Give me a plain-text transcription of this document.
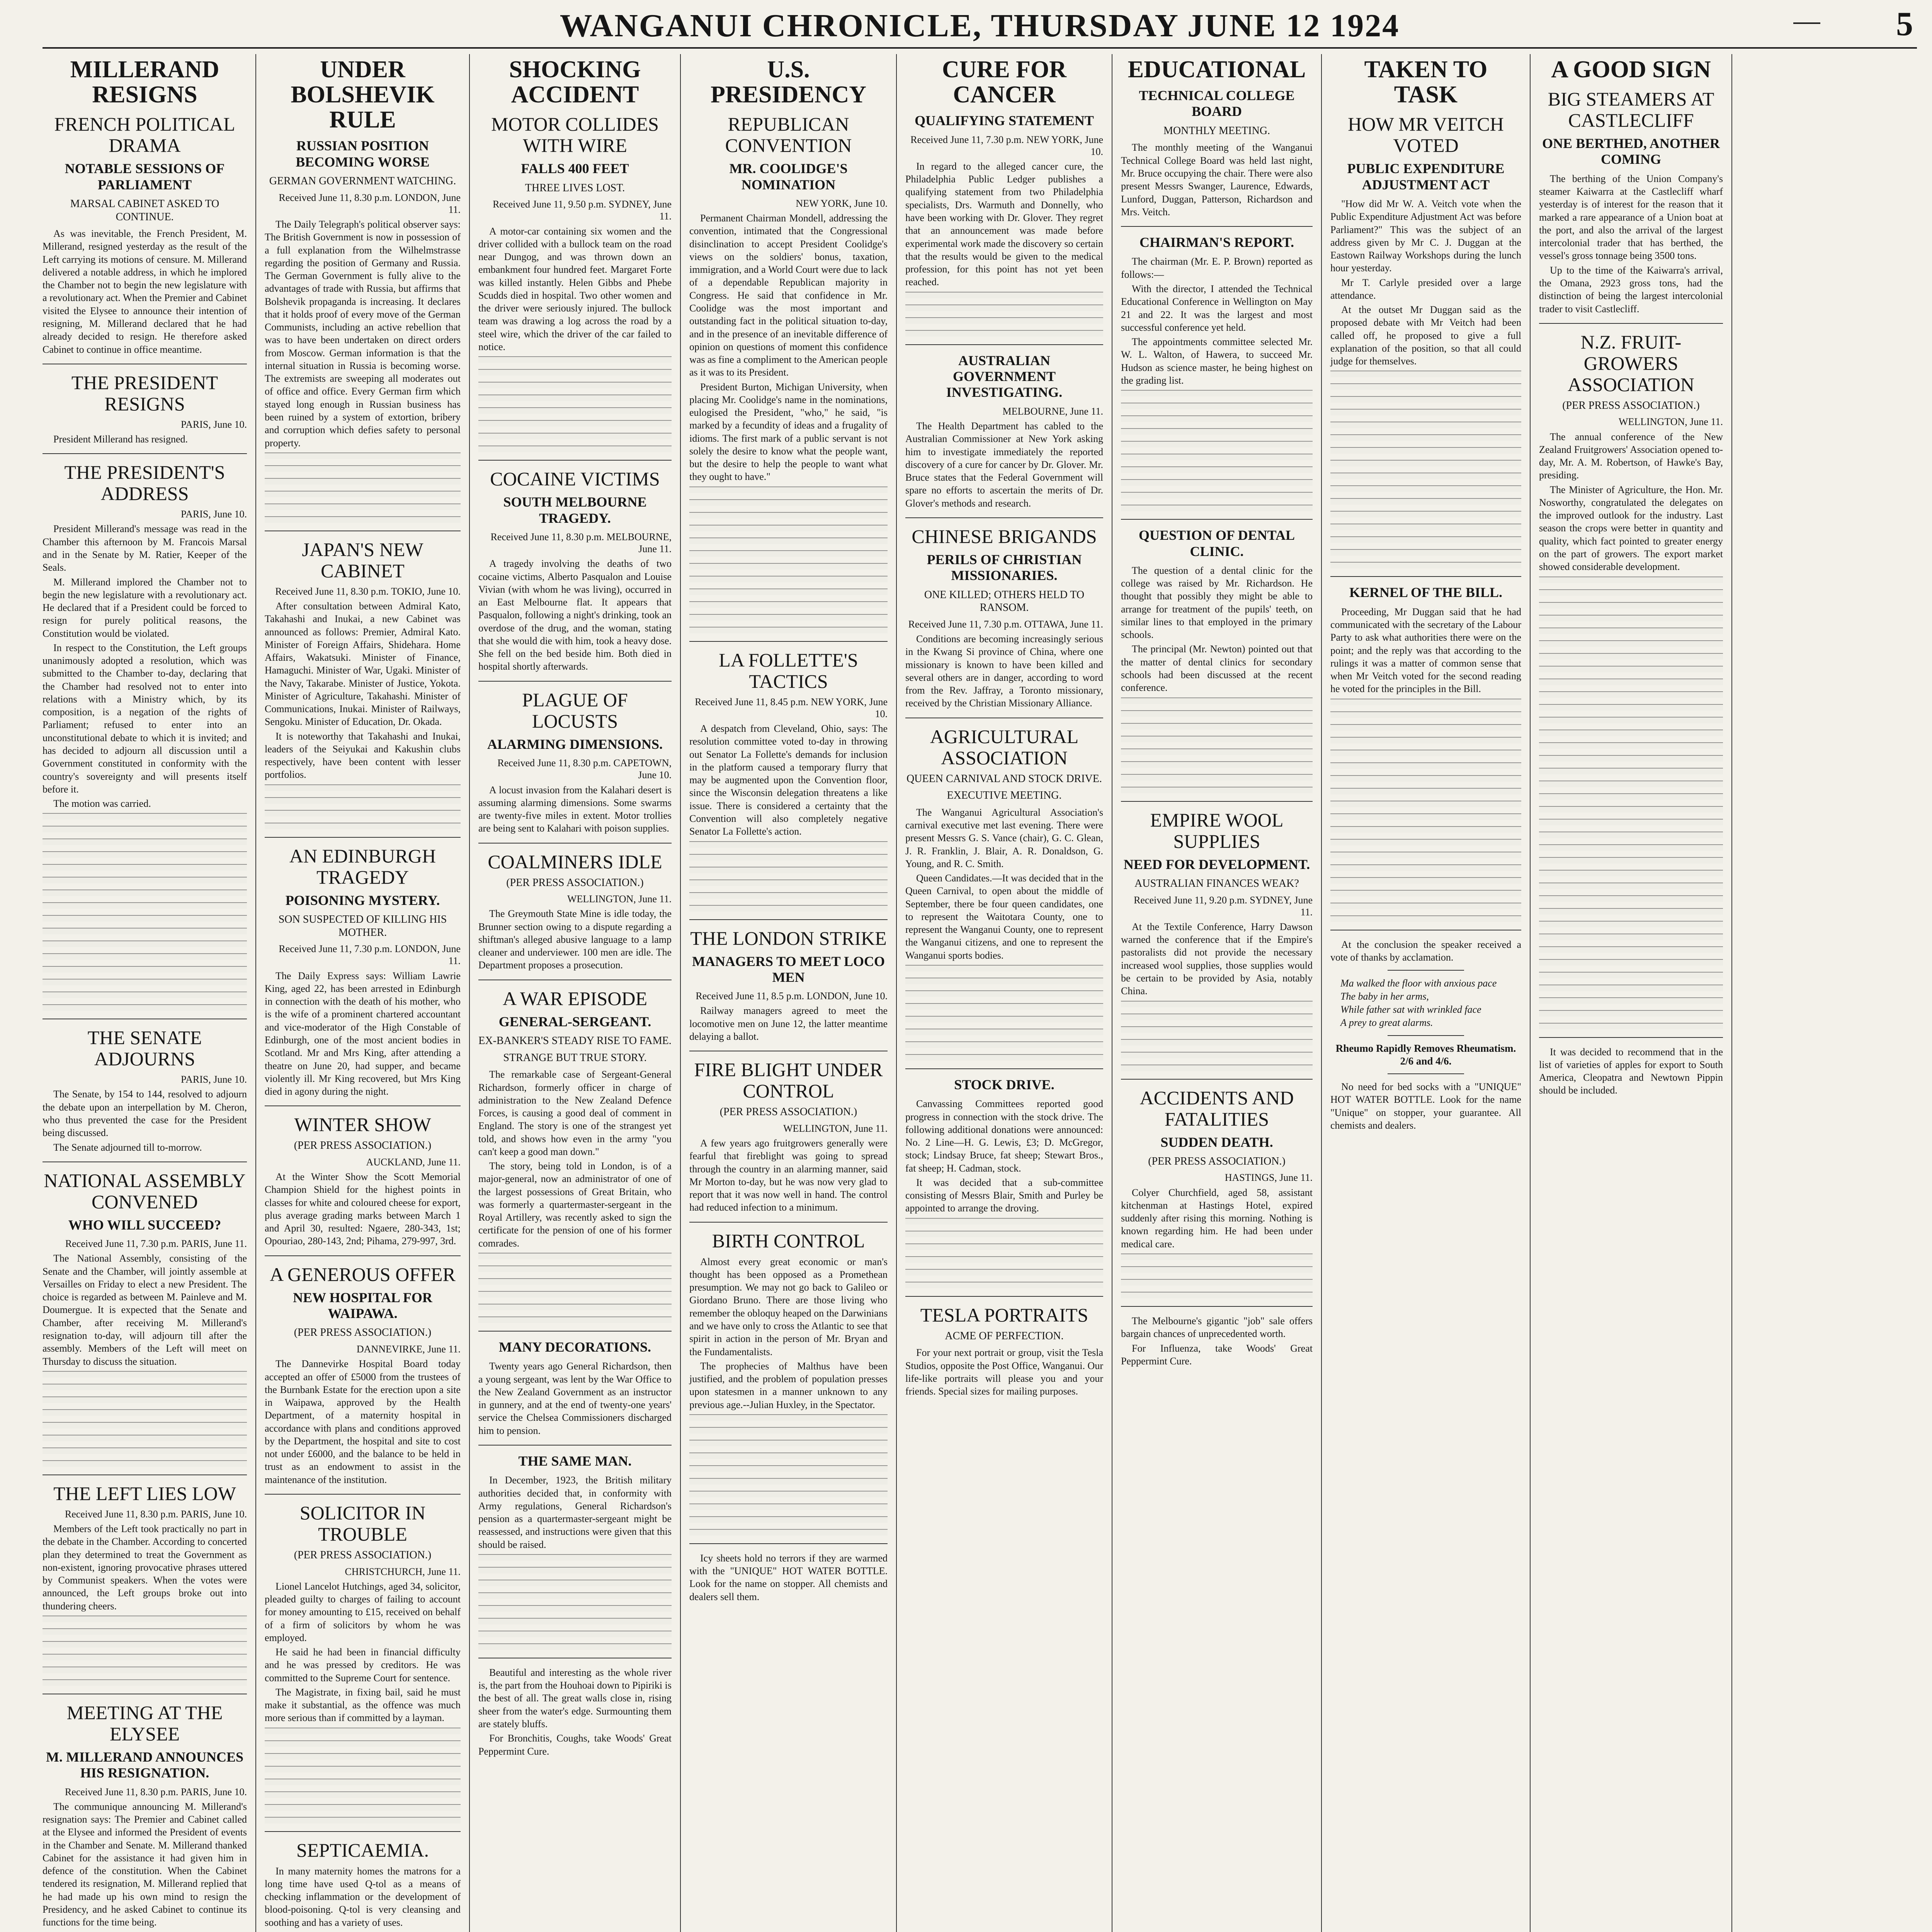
WANGANUI CHRONICLE, THURSDAY JUNE 12 1924	5
MILLERAND RESIGNS
FRENCH POLITICAL DRAMA
NOTABLE SESSIONS OF PARLIAMENT
MARSAL CABINET ASKED TO CONTINUE.

As was inevitable, the French President, M. Millerand, resigned yesterday as the result of the Left carrying its motions of censure. M. Millerand delivered a notable address, in which he implored the Chamber not to begin the new legislature with a revolutionary act. When the Premier and Cabinet visited the Elysee to announce their intention of resigning, M. Millerand declared that he had already decided to resign. He therefore asked Cabinet to continue in office meantime.

THE PRESIDENT RESIGNS
PARIS, June 10.

President Millerand has resigned.

THE PRESIDENT'S ADDRESS
PARIS, June 10.

President Millerand's message was read in the Chamber this afternoon by M. Francois Marsal and in the Senate by M. Ratier, Keeper of the Seals.

M. Millerand implored the Chamber not to begin the new legislature with a revolutionary act. He declared that if a President could be forced to resign for purely political reasons, the Constitution would be violated.

In respect to the Constitution, the Left groups unanimously adopted a resolution, which was submitted to the Chamber to-day, declaring that the Chamber had resolved not to enter into relations with a Ministry which, by its composition, is a negation of the rights of Parliament; refused to enter into an unconstitutional debate to which it is invited; and has decided to adjourn all discussion until a Government constituted in conformity with the country's sovereignty and will presents itself before it.

The motion was carried.

THE SENATE ADJOURNS
PARIS, June 10.

The Senate, by 154 to 144, resolved to adjourn the debate upon an interpellation by M. Cheron, who thus prevented the case for the President being discussed.

The Senate adjourned till to-morrow.

NATIONAL ASSEMBLY CONVENED
WHO WILL SUCCEED?
Received June 11, 7.30 p.m. PARIS, June 11.

The National Assembly, consisting of the Senate and the Chamber, will jointly assemble at Versailles on Friday to elect a new President. The choice is regarded as between M. Painleve and M. Doumergue. It is expected that the Senate and Chamber, after receiving M. Millerand's resignation to-day, will adjourn till after the assembly. Members of the Left will meet on Thursday to discuss the situation.

THE LEFT LIES LOW
Received June 11, 8.30 p.m. PARIS, June 10.

Members of the Left took practically no part in the debate in the Chamber. According to concerted plan they determined to treat the Government as non-existent, ignoring provocative phrases uttered by Communist speakers. When the votes were announced, the Left groups broke out into thundering cheers.

MEETING AT THE ELYSEE
M. MILLERAND ANNOUNCES HIS RESIGNATION.
Received June 11, 8.30 p.m. PARIS, June 10.

The communique announcing M. Millerand's resignation says: The Premier and Cabinet called at the Elysee and informed the President of events in the Chamber and Senate. M. Millerand thanked Cabinet for the assistance it had given him in defence of the constitution. When the Cabinet tendered its resignation, M. Millerand replied that he had made up his own mind to resign the Presidency, and he asked Cabinet to continue its functions for the time being.

UNDER BOLSHEVIK RULE
RUSSIAN POSITION BECOMING WORSE
GERMAN GOVERNMENT WATCHING.
Received June 11, 8.30 p.m. LONDON, June 11.

The Daily Telegraph's political observer says: The British Government is now in possession of a full explanation from the Wilhelmstrasse regarding the position of Germany and Russia. The German Government is fully alive to the advantages of trade with Russia, but affirms that Bolshevik propaganda is increasing. It declares that it holds proof of every move of the German Communists, including an active rebellion that was to have been undertaken on direct orders from Moscow. German information is that the internal situation in Russia is becoming worse. The extremists are sweeping all moderates out of office and office. Every German firm which stayed long enough in Russian business has been ruined by a system of extortion, bribery and corruption which defies safety to personal property.

JAPAN'S NEW CABINET
Received June 11, 8.30 p.m. TOKIO, June 10.

After consultation between Admiral Kato, Takahashi and Inukai, a new Cabinet was announced as follows: Premier, Admiral Kato. Minister of Foreign Affairs, Shidehara. Home Affairs, Wakatsuki. Minister of Finance, Hamaguchi. Minister of War, Ugaki. Minister of the Navy, Takarabe. Minister of Justice, Yokota. Minister of Agriculture, Takahashi. Minister of Communications, Inukai. Minister of Railways, Sengoku. Minister of Education, Dr. Okada.

It is noteworthy that Takahashi and Inukai, leaders of the Seiyukai and Kakushin clubs respectively, have been content with lesser portfolios.

AN EDINBURGH TRAGEDY
POISONING MYSTERY.
SON SUSPECTED OF KILLING HIS MOTHER.
Received June 11, 7.30 p.m. LONDON, June 11.

The Daily Express says: William Lawrie King, aged 22, has been arrested in Edinburgh in connection with the death of his mother, who is the wife of a prominent chartered accountant and vice-moderator of the High Constable of Edinburgh, one of the most ancient bodies in Scotland. Mr and Mrs King, after attending a theatre on June 20, had supper, and became violently ill. Mr King recovered, but Mrs King died in agony during the night.

WINTER SHOW
(PER PRESS ASSOCIATION.)
AUCKLAND, June 11.

At the Winter Show the Scott Memorial Champion Shield for the highest points in classes for white and coloured cheese for export, plus average grading marks between March 1 and April 30, resulted: Ngaere, 280-343, 1st; Opouriao, 280-143, 2nd; Pihama, 279-997, 3rd.

A GENEROUS OFFER
NEW HOSPITAL FOR WAIPAWA.
(PER PRESS ASSOCIATION.)
DANNEVIRKE, June 11.

The Dannevirke Hospital Board today accepted an offer of £5000 from the trustees of the Burnbank Estate for the erection upon a site in Waipawa, approved by the Health Department, of a maternity hospital in accordance with plans and conditions approved by the Department, the hospital and site to cost not under £6000, and the balance to be held in trust as an endowment to assist in the maintenance of the institution.

SOLICITOR IN TROUBLE
(PER PRESS ASSOCIATION.)
CHRISTCHURCH, June 11.

Lionel Lancelot Hutchings, aged 34, solicitor, pleaded guilty to charges of failing to account for money amounting to £15, received on behalf of a firm of solicitors by whom he was employed.

He said he had been in financial difficulty and he was pressed by creditors. He was committed to the Supreme Court for sentence.

The Magistrate, in fixing bail, said he must make it substantial, as the offence was much more serious than if committed by a layman.

SEPTICAEMIA.

In many maternity homes the matrons for a long time have used Q-tol as a means of checking inflammation or the development of blood-poisoning. Q-tol is very cleansing and soothing and has a variety of uses.

SHOCKING ACCIDENT
MOTOR COLLIDES WITH WIRE
FALLS 400 FEET
THREE LIVES LOST.
Received June 11, 9.50 p.m. SYDNEY, June 11.

A motor-car containing six women and the driver collided with a bullock team on the road near Dungog, and was thrown down an embankment four hundred feet. Margaret Forte was killed instantly. Helen Gibbs and Phebe Scudds died in hospital. Two other women and the driver were seriously injured. The bullock team was drawing a log across the road by a steel wire, which the driver of the car failed to notice.

COCAINE VICTIMS
SOUTH MELBOURNE TRAGEDY.
Received June 11, 8.30 p.m. MELBOURNE, June 11.

A tragedy involving the deaths of two cocaine victims, Alberto Pasqualon and Louise Vivian (with whom he was living), occurred in an East Melbourne flat. It appears that Pasqualon, following a night's drinking, took an overdose of the drug, and the woman, stating that she would die with him, took a heavy dose. She fell on the bed beside him. Both died in hospital shortly afterwards.

PLAGUE OF LOCUSTS
ALARMING DIMENSIONS.
Received June 11, 8.30 p.m. CAPETOWN, June 10.

A locust invasion from the Kalahari desert is assuming alarming dimensions. Some swarms are twenty-five miles in extent. Motor trollies are being sent to Kalahari with poison supplies.

COALMINERS IDLE
(PER PRESS ASSOCIATION.)
WELLINGTON, June 11.

The Greymouth State Mine is idle today, the Brunner section owing to a dispute regarding a shiftman's alleged abusive language to a lamp cleaner and underviewer. 100 men are idle. The Department proposes a prosecution.

A WAR EPISODE
GENERAL-SERGEANT.
EX-BANKER'S STEADY RISE TO FAME.
STRANGE BUT TRUE STORY.

The remarkable case of Sergeant-General Richardson, formerly officer in charge of administration to the New Zealand Defence Forces, is causing a good deal of comment in England. The story is one of the strangest yet told, and shows how even in the army "you can't keep a good man down."

The story, being told in London, is of a major-general, now an administrator of one of the largest possessions of Great Britain, who was formerly a quartermaster-sergeant in the Royal Artillery, was recently asked to sign the certificate for the pension of one of his former comrades.

MANY DECORATIONS.

Twenty years ago General Richardson, then a young sergeant, was lent by the War Office to the New Zealand Government as an instructor in gunnery, and at the end of twenty-one years' service the Chelsea Commissioners discharged him to pension.

THE SAME MAN.

In December, 1923, the British military authorities decided that, in conformity with Army regulations, General Richardson's pension as a quartermaster-sergeant might be reassessed, and instructions were given that this should be raised.

Beautiful and interesting as the whole river is, the part from the Houhoai down to Pipiriki is the best of all. The great walls close in, rising sheer from the water's edge. Surmounting them are stately bluffs.

For Bronchitis, Coughs, take Woods' Great Peppermint Cure.

U.S. PRESIDENCY
REPUBLICAN CONVENTION
MR. COOLIDGE'S NOMINATION
NEW YORK, June 10.

Permanent Chairman Mondell, addressing the convention, intimated that the Congressional disinclination to accept President Coolidge's views on the soldiers' bonus, taxation, immigration, and a World Court were due to lack of a dependable Republican majority in Congress. He said that confidence in Mr. Coolidge was the most important and outstanding fact in the political situation to-day, and in the presence of an inevitable difference of opinion on questions of moment this confidence was as fine a compliment to the American people as it was to its President.

President Burton, Michigan University, when placing Mr. Coolidge's name in the nominations, eulogised the President, "who," he said, "is marked by a fecundity of ideas and a frugality of idioms. The first mark of a public servant is not solely the desire to know what the people want, but the desire to help the people to want what they ought to have."

LA FOLLETTE'S TACTICS
Received June 11, 8.45 p.m. NEW YORK, June 10.

A despatch from Cleveland, Ohio, says: The resolution committee voted to-day in throwing out Senator La Follette's demands for inclusion in the platform caused a temporary flurry that may be augmented upon the Convention floor, since the Wisconsin delegation threatens a like issue. There is considered a certainty that the Convention will also completely negative Senator La Follette's action.

THE LONDON STRIKE
MANAGERS TO MEET LOCO MEN
Received June 11, 8.5 p.m. LONDON, June 10.

Railway managers agreed to meet the locomotive men on June 12, the latter meantime delaying a ballot.

FIRE BLIGHT UNDER CONTROL
(PER PRESS ASSOCIATION.)
WELLINGTON, June 11.

A few years ago fruitgrowers generally were fearful that fireblight was going to spread through the country in an alarming manner, said Mr Morton to-day, but he was now very glad to report that it was now well in hand. The control had reduced infection to a minimum.

BIRTH CONTROL

Almost every great economic or man's thought has been opposed as a Promethean presumption. We may not go back to Galileo or Giordano Bruno. There are those living who remember the obloquy heaped on the Darwinians and we have only to cross the Atlantic to see that spirit in action in the person of Mr. Bryan and the Fundamentalists.

The prophecies of Malthus have been justified, and the problem of population presses upon statesmen in a manner unknown to any previous age.--Julian Huxley, in the Spectator.

Icy sheets hold no terrors if they are warmed with the "UNIQUE" HOT WATER BOTTLE. Look for the name on stopper. All chemists and dealers sell them.

CURE FOR CANCER
QUALIFYING STATEMENT
Received June 11, 7.30 p.m. NEW YORK, June 10.

In regard to the alleged cancer cure, the Philadelphia Public Ledger publishes a qualifying statement from two Philadelphia specialists, Drs. Warmuth and Donnelly, who have been working with Dr. Glover. They regret that an announcement was made before experimental work made the discovery so certain that the results would be given to the medical profession, for this point has not yet been reached.

AUSTRALIAN GOVERNMENT INVESTIGATING.
MELBOURNE, June 11.

The Health Department has cabled to the Australian Commissioner at New York asking him to investigate immediately the reported discovery of a cure for cancer by Dr. Glover. Mr. Bruce states that the Federal Government will spare no efforts to ascertain the merits of Dr. Glover's methods and research.

CHINESE BRIGANDS
PERILS OF CHRISTIAN MISSIONARIES.
ONE KILLED; OTHERS HELD TO RANSOM.
Received June 11, 7.30 p.m. OTTAWA, June 11.

Conditions are becoming increasingly serious in the Kwang Si province of China, where one missionary is known to have been killed and several others are in danger, according to word from the Rev. Jaffray, a Toronto missionary, received by the Christian Missionary Alliance.

AGRICULTURAL ASSOCIATION
QUEEN CARNIVAL AND STOCK DRIVE.
EXECUTIVE MEETING.

The Wanganui Agricultural Association's carnival executive met last evening. There were present Messrs G. S. Vance (chair), G. C. Glean, J. R. Franklin, J. Blair, A. R. Donaldson, G. Young, and R. C. Smith.

Queen Candidates.—It was decided that in the Queen Carnival, to open about the middle of September, there be four queen candidates, one to represent the Waitotara County, one to represent the Wanganui County, one to represent the Wanganui citizens, and one to represent the Wanganui sports bodies.

STOCK DRIVE.

Canvassing Committees reported good progress in connection with the stock drive. The following additional donations were announced: No. 2 Line—H. G. Lewis, £3; D. McGregor, stock; Lindsay Bruce, fat sheep; Stewart Bros., fat sheep; H. Cadman, stock.

It was decided that a sub-committee consisting of Messrs Blair, Smith and Purley be appointed to arrange the droving.

TESLA PORTRAITS
ACME OF PERFECTION.

For your next portrait or group, visit the Tesla Studios, opposite the Post Office, Wanganui. Our life-like portraits will please you and your friends. Special sizes for mailing purposes.

EDUCATIONAL
TECHNICAL COLLEGE BOARD
MONTHLY MEETING.

The monthly meeting of the Wanganui Technical College Board was held last night, Mr. Bruce occupying the chair. There were also present Messrs Swanger, Laurence, Edwards, Lunford, Duggan, Patterson, Richardson and Mrs. Veitch.

CHAIRMAN'S REPORT.

The chairman (Mr. E. P. Brown) reported as follows:—

With the director, I attended the Technical Educational Conference in Wellington on May 21 and 22. It was the largest and most successful conference yet held.

The appointments committee selected Mr. W. L. Walton, of Hawera, to succeed Mr. Hudson as science master, he being highest on the grading list.

QUESTION OF DENTAL CLINIC.

The question of a dental clinic for the college was raised by Mr. Richardson. He thought that possibly they might be able to arrange for treatment of the pupils' teeth, on similar lines to that employed in the primary schools.

The principal (Mr. Newton) pointed out that the matter of dental clinics for secondary schools had been discussed at the recent conference.

EMPIRE WOOL SUPPLIES
NEED FOR DEVELOPMENT.
AUSTRALIAN FINANCES WEAK?
Received June 11, 9.20 p.m. SYDNEY, June 11.

At the Textile Conference, Harry Dawson warned the conference that if the Empire's pastoralists did not provide the necessary increased wool supplies, those supplies would be certain to be provided by Asia, notably China.

ACCIDENTS AND FATALITIES
SUDDEN DEATH.
(PER PRESS ASSOCIATION.)
HASTINGS, June 11.

Colyer Churchfield, aged 58, assistant kitchenman at Hastings Hotel, expired suddenly after rising this morning. Nothing is known regarding him. He had been under medical care.

The Melbourne's gigantic "job" sale offers bargain chances of unprecedented worth.

For Influenza, take Woods' Great Peppermint Cure.

TAKEN TO TASK
HOW MR VEITCH VOTED
PUBLIC EXPENDITURE ADJUSTMENT ACT

"How did Mr W. A. Veitch vote when the Public Expenditure Adjustment Act was before Parliament?" This was the subject of an address given by Mr C. J. Duggan at the Eastown Railway Workshops during the lunch hour yesterday.

Mr T. Carlyle presided over a large attendance.

At the outset Mr Duggan said as the proposed debate with Mr Veitch had been called off, he proposed to give a full explanation of the position, so that all could judge for themselves.

KERNEL OF THE BILL.

Proceeding, Mr Duggan said that he had communicated with the secretary of the Labour Party to ask what authorities there were on the point; and the reply was that according to the rulings it was a matter of common sense that when Mr Veitch voted for the second reading he voted for the principles in the Bill.

At the conclusion the speaker received a vote of thanks by acclamation.

Ma walked the floor with anxious pace
The baby in her arms,
While father sat with wrinkled face
A prey to great alarms.
Rheumo Rapidly Removes Rheumatism. 2/6 and 4/6.

No need for bed socks with a "UNIQUE" HOT WATER BOTTLE. Look for the name "Unique" on stopper, your guarantee. All chemists and dealers.

A GOOD SIGN
BIG STEAMERS AT CASTLECLIFF
ONE BERTHED, ANOTHER COMING

The berthing of the Union Company's steamer Kaiwarra at the Castlecliff wharf yesterday is of interest for the reason that it marked a rare appearance of a Union boat at the port, and also the arrival of the largest intercolonial trader that has berthed, the vessel's gross tonnage being 3500 tons.

Up to the time of the Kaiwarra's arrival, the Omana, 2923 gross tons, had the distinction of being the largest intercolonial trader to visit Castlecliff.

N.Z. FRUIT-GROWERS ASSOCIATION
(PER PRESS ASSOCIATION.)
WELLINGTON, June 11.

The annual conference of the New Zealand Fruitgrowers' Association opened to-day, Mr. A. M. Robertson, of Hawke's Bay, presiding.

The Minister of Agriculture, the Hon. Mr. Nosworthy, congratulated the delegates on the improved outlook for the industry. Last season the crops were better in quantity and quality, which fact pointed to greater energy on the part of growers. The export market showed considerable development.

It was decided to recommend that in the list of varieties of apples for export to South America, Cleopatra and Newtown Pippin should be included.
